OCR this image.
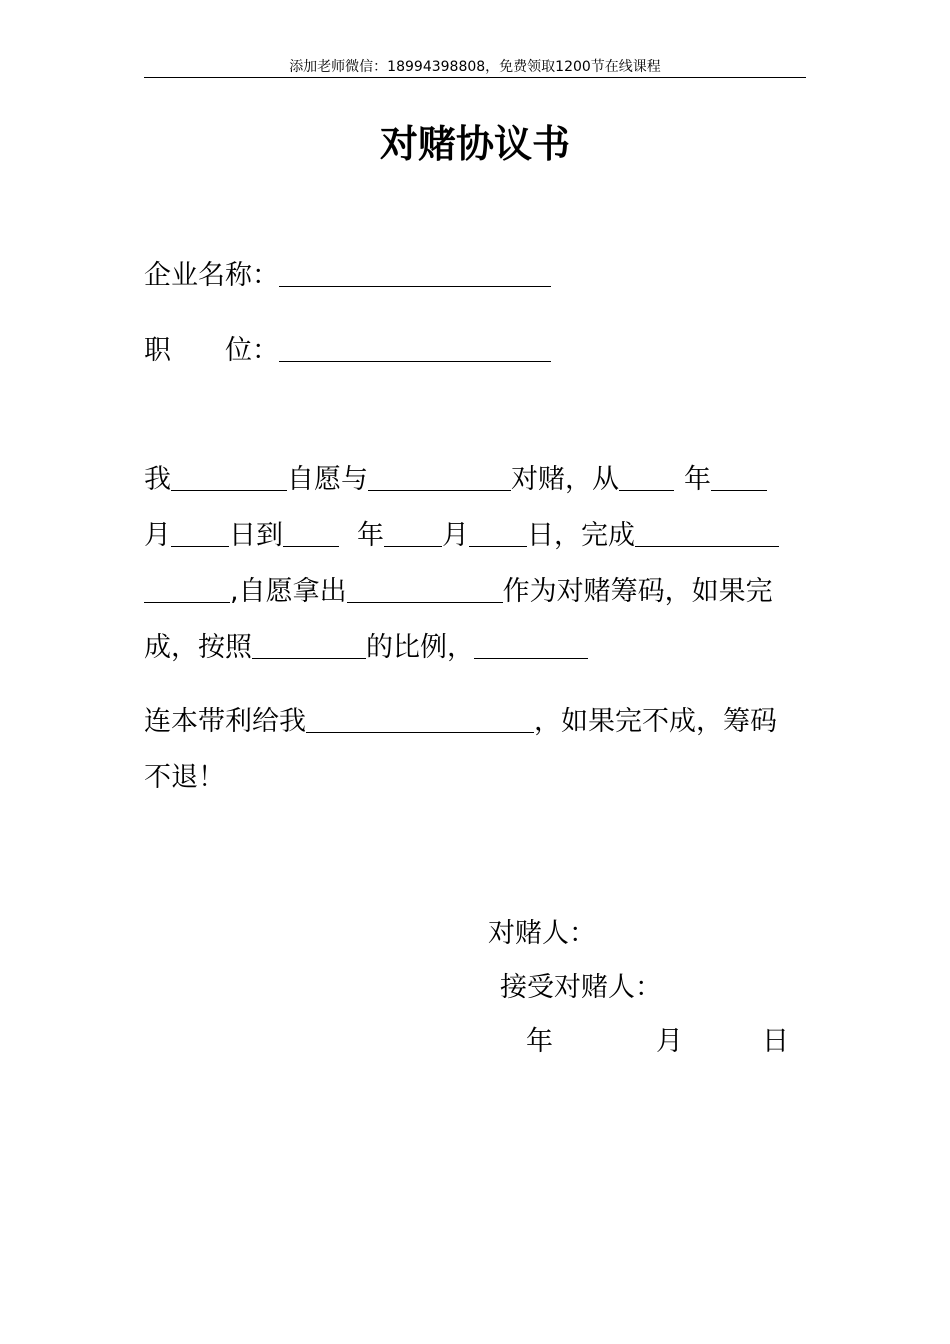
添加老师微信：18994398808，免费领取1200节在线课程
对赌协议书
企业名称：
职 位：
我	自愿与	对赌，从 年
月 日到	年 月 日，完成
,自愿拿出	作为对赌筹码，如果完
成，按照	的比例，
连本带利给我	，如果完不成，筹码
不退！
对赌人：
接受对赌人：
年	月	日
